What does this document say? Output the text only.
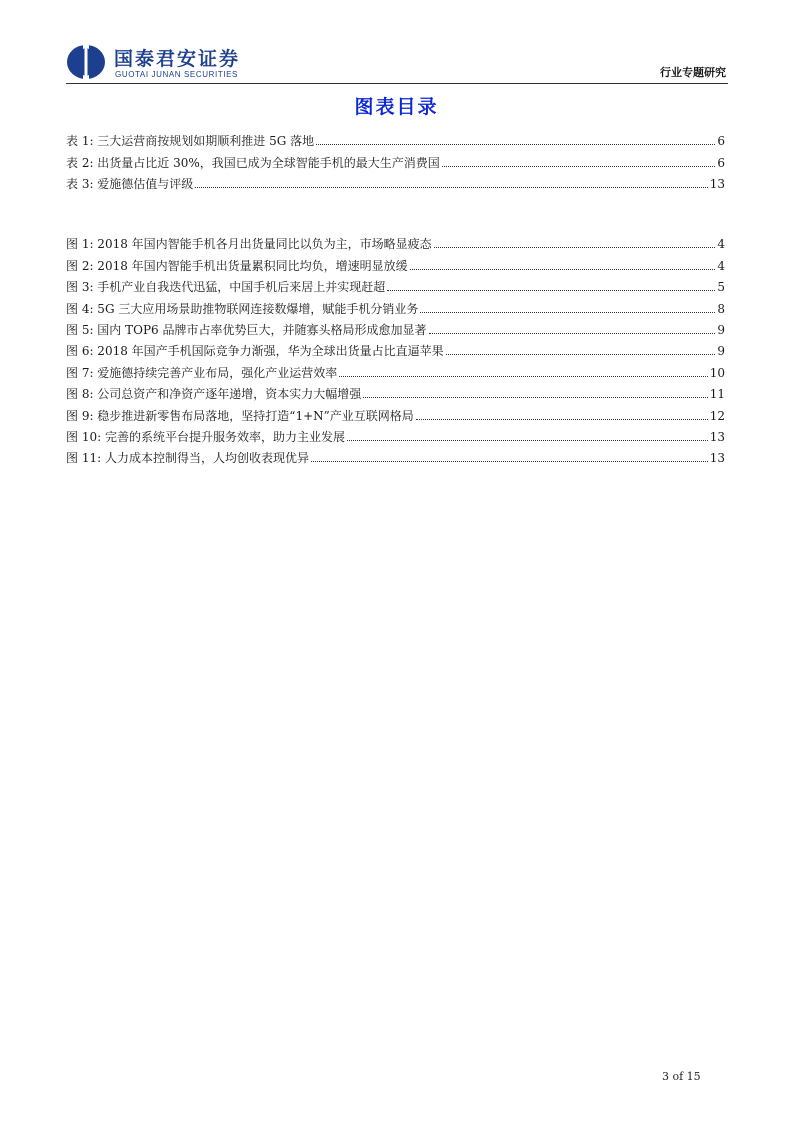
国泰君安证券
GUOTAI JUNAN SECURITIES	行业专题研究
图表目录
表 1: 三大运营商按规划如期顺利推进 5G 落地	6
表 2: 出货量占比近 30%，我国已成为全球智能手机的最大生产消费国	6
表 3: 爱施德估值与评级	13
图 1: 2018 年国内智能手机各月出货量同比以负为主，市场略显疲态	4
图 2: 2018 年国内智能手机出货量累积同比均负，增速明显放缓	4
图 3: 手机产业自我迭代迅猛，中国手机后来居上并实现赶超	5
图 4: 5G 三大应用场景助推物联网连接数爆增，赋能手机分销业务	8
图 5: 国内 TOP6 品牌市占率优势巨大，并随寡头格局形成愈加显著	9
图 6: 2018 年国产手机国际竞争力渐强，华为全球出货量占比直逼苹果	9
图 7: 爱施德持续完善产业布局，强化产业运营效率	10
图 8: 公司总资产和净资产逐年递增，资本实力大幅增强	11
图 9: 稳步推进新零售布局落地，坚持打造“1+N”产业互联网格局	12
图 10: 完善的系统平台提升服务效率，助力主业发展	13
图 11: 人力成本控制得当，人均创收表现优异	13
3 of 15
